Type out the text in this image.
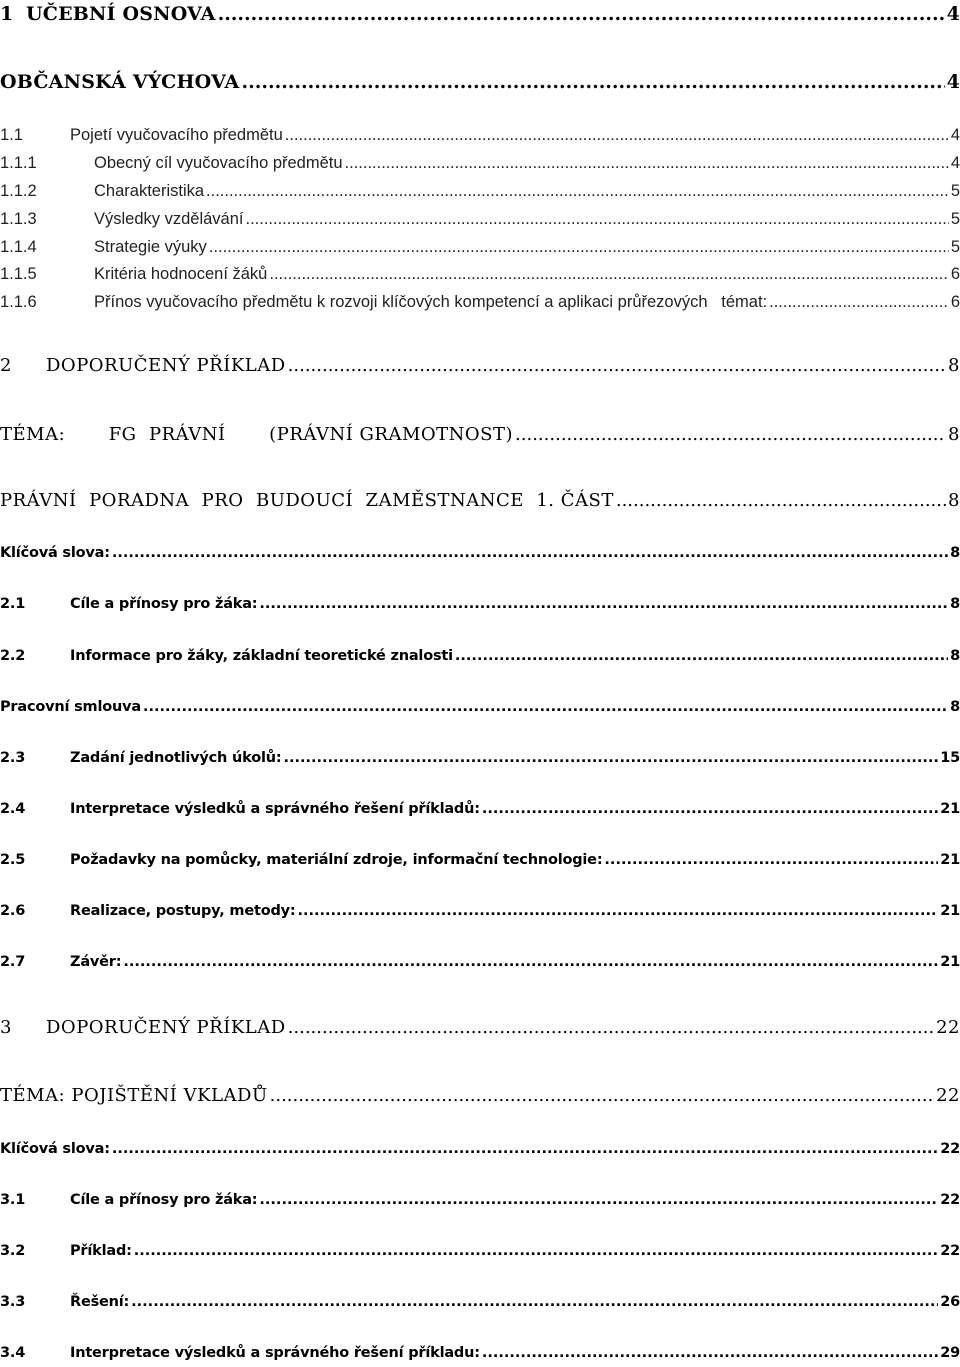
1 UČEBNÍ OSNOVA .....	4
OBČANSKÁ VÝCHOVA .....	4
1.1	Pojetí vyučovacího předmětu .....	4
1.1.1	Obecný cíl vyučovacího předmětu .....	4
1.1.2	Charakteristika .....	5
1.1.3	Výsledky vzdělávání .....	5
1.1.4	Strategie výuky .....	5
1.1.5	Kritéria hodnocení žáků .....	6
1.1.6	Přínos vyučovacího předmětu k rozvoji klíčových kompetencí a aplikaci průřezových   témat: .....	6
2	DOPORUČENÝ PŘÍKLAD .....	8
TÉMA:       FG  PRÁVNÍ       (PRÁVNÍ GRAMOTNOST) .....	8
PRÁVNÍ  PORADNA  PRO  BUDOUCÍ  ZAMĚSTNANCE  1. ČÁST .....	8
Klíčová slova: .....	8
2.1	Cíle a přínosy pro žáka: .....	8
2.2	Informace pro žáky, základní teoretické znalosti .....	8
Pracovní smlouva .....	8
2.3	Zadání jednotlivých úkolů: .....	15
2.4	Interpretace výsledků a správného řešení příkladů: .....	21
2.5	Požadavky na pomůcky, materiální zdroje, informační technologie: .....	21
2.6	Realizace, postupy, metody: .....	21
2.7	Závěr: .....	21
3	DOPORUČENÝ PŘÍKLAD .....	22
TÉMA: POJIŠTĚNÍ VKLADŮ .....	22
Klíčová slova: .....	22
3.1	Cíle a přínosy pro žáka: .....	22
3.2	Příklad: .....	22
3.3	Řešení: .....	26
3.4	Interpretace výsledků a správného řešení příkladu: .....	29
